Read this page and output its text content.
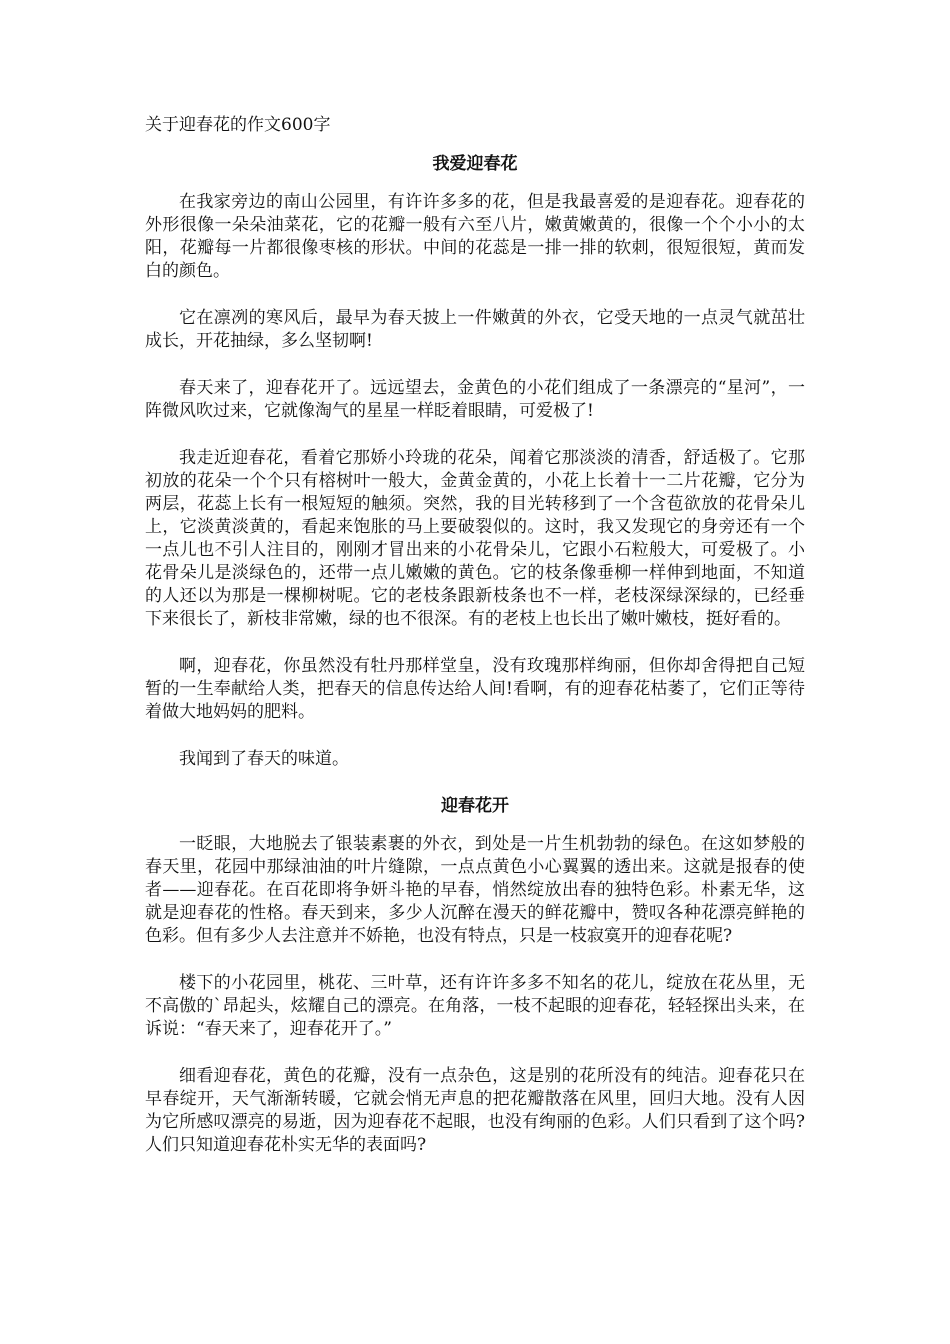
关于迎春花的作文600字

我爱迎春花

在我家旁边的南山公园里，有许许多多的花，但是我最喜爱的是迎春花。迎春花的外形很像一朵朵油菜花，它的花瓣一般有六至八片，嫩黄嫩黄的，很像一个个小小的太阳，花瓣每一片都很像枣核的形状。中间的花蕊是一排一排的软刺，很短很短，黄而发白的颜色。

它在凛冽的寒风后，最早为春天披上一件嫩黄的外衣，它受天地的一点灵气就茁壮成长，开花抽绿，多么坚韧啊!

春天来了，迎春花开了。远远望去，金黄色的小花们组成了一条漂亮的“星河”，一阵微风吹过来，它就像淘气的星星一样眨着眼睛，可爱极了!

我走近迎春花，看着它那娇小玲珑的花朵，闻着它那淡淡的清香，舒适极了。它那初放的花朵一个个只有榕树叶一般大，金黄金黄的，小花上长着十一二片花瓣，它分为两层，花蕊上长有一根短短的触须。突然，我的目光转移到了一个含苞欲放的花骨朵儿上，它淡黄淡黄的，看起来饱胀的马上要破裂似的。这时，我又发现它的身旁还有一个一点儿也不引人注目的，刚刚才冒出来的小花骨朵儿，它跟小石粒般大，可爱极了。小花骨朵儿是淡绿色的，还带一点儿嫩嫩的黄色。它的枝条像垂柳一样伸到地面，不知道的人还以为那是一棵柳树呢。它的老枝条跟新枝条也不一样，老枝深绿深绿的，已经垂下来很长了，新枝非常嫩，绿的也不很深。有的老枝上也长出了嫩叶嫩枝，挺好看的。

啊，迎春花，你虽然没有牡丹那样堂皇，没有玫瑰那样绚丽，但你却舍得把自己短暂的一生奉献给人类，把春天的信息传达给人间!看啊，有的迎春花枯萎了，它们正等待着做大地妈妈的肥料。

我闻到了春天的味道。

迎春花开

一眨眼，大地脱去了银装素裹的外衣，到处是一片生机勃勃的绿色。在这如梦般的春天里，花园中那绿油油的叶片缝隙，一点点黄色小心翼翼的透出来。这就是报春的使者——迎春花。在百花即将争妍斗艳的早春，悄然绽放出春的独特色彩。朴素无华，这就是迎春花的性格。春天到来，多少人沉醉在漫天的鲜花瓣中，赞叹各种花漂亮鲜艳的色彩。但有多少人去注意并不娇艳，也没有特点，只是一枝寂寞开的迎春花呢?

楼下的小花园里，桃花、三叶草，还有许许多多不知名的花儿，绽放在花丛里，无不高傲的`昂起头，炫耀自己的漂亮。在角落，一枝不起眼的迎春花，轻轻探出头来，在诉说：“春天来了，迎春花开了。”

细看迎春花，黄色的花瓣，没有一点杂色，这是别的花所没有的纯洁。迎春花只在早春绽开，天气渐渐转暖，它就会悄无声息的把花瓣散落在风里，回归大地。没有人因为它所感叹漂亮的易逝，因为迎春花不起眼，也没有绚丽的色彩。人们只看到了这个吗?人们只知道迎春花朴实无华的表面吗?
